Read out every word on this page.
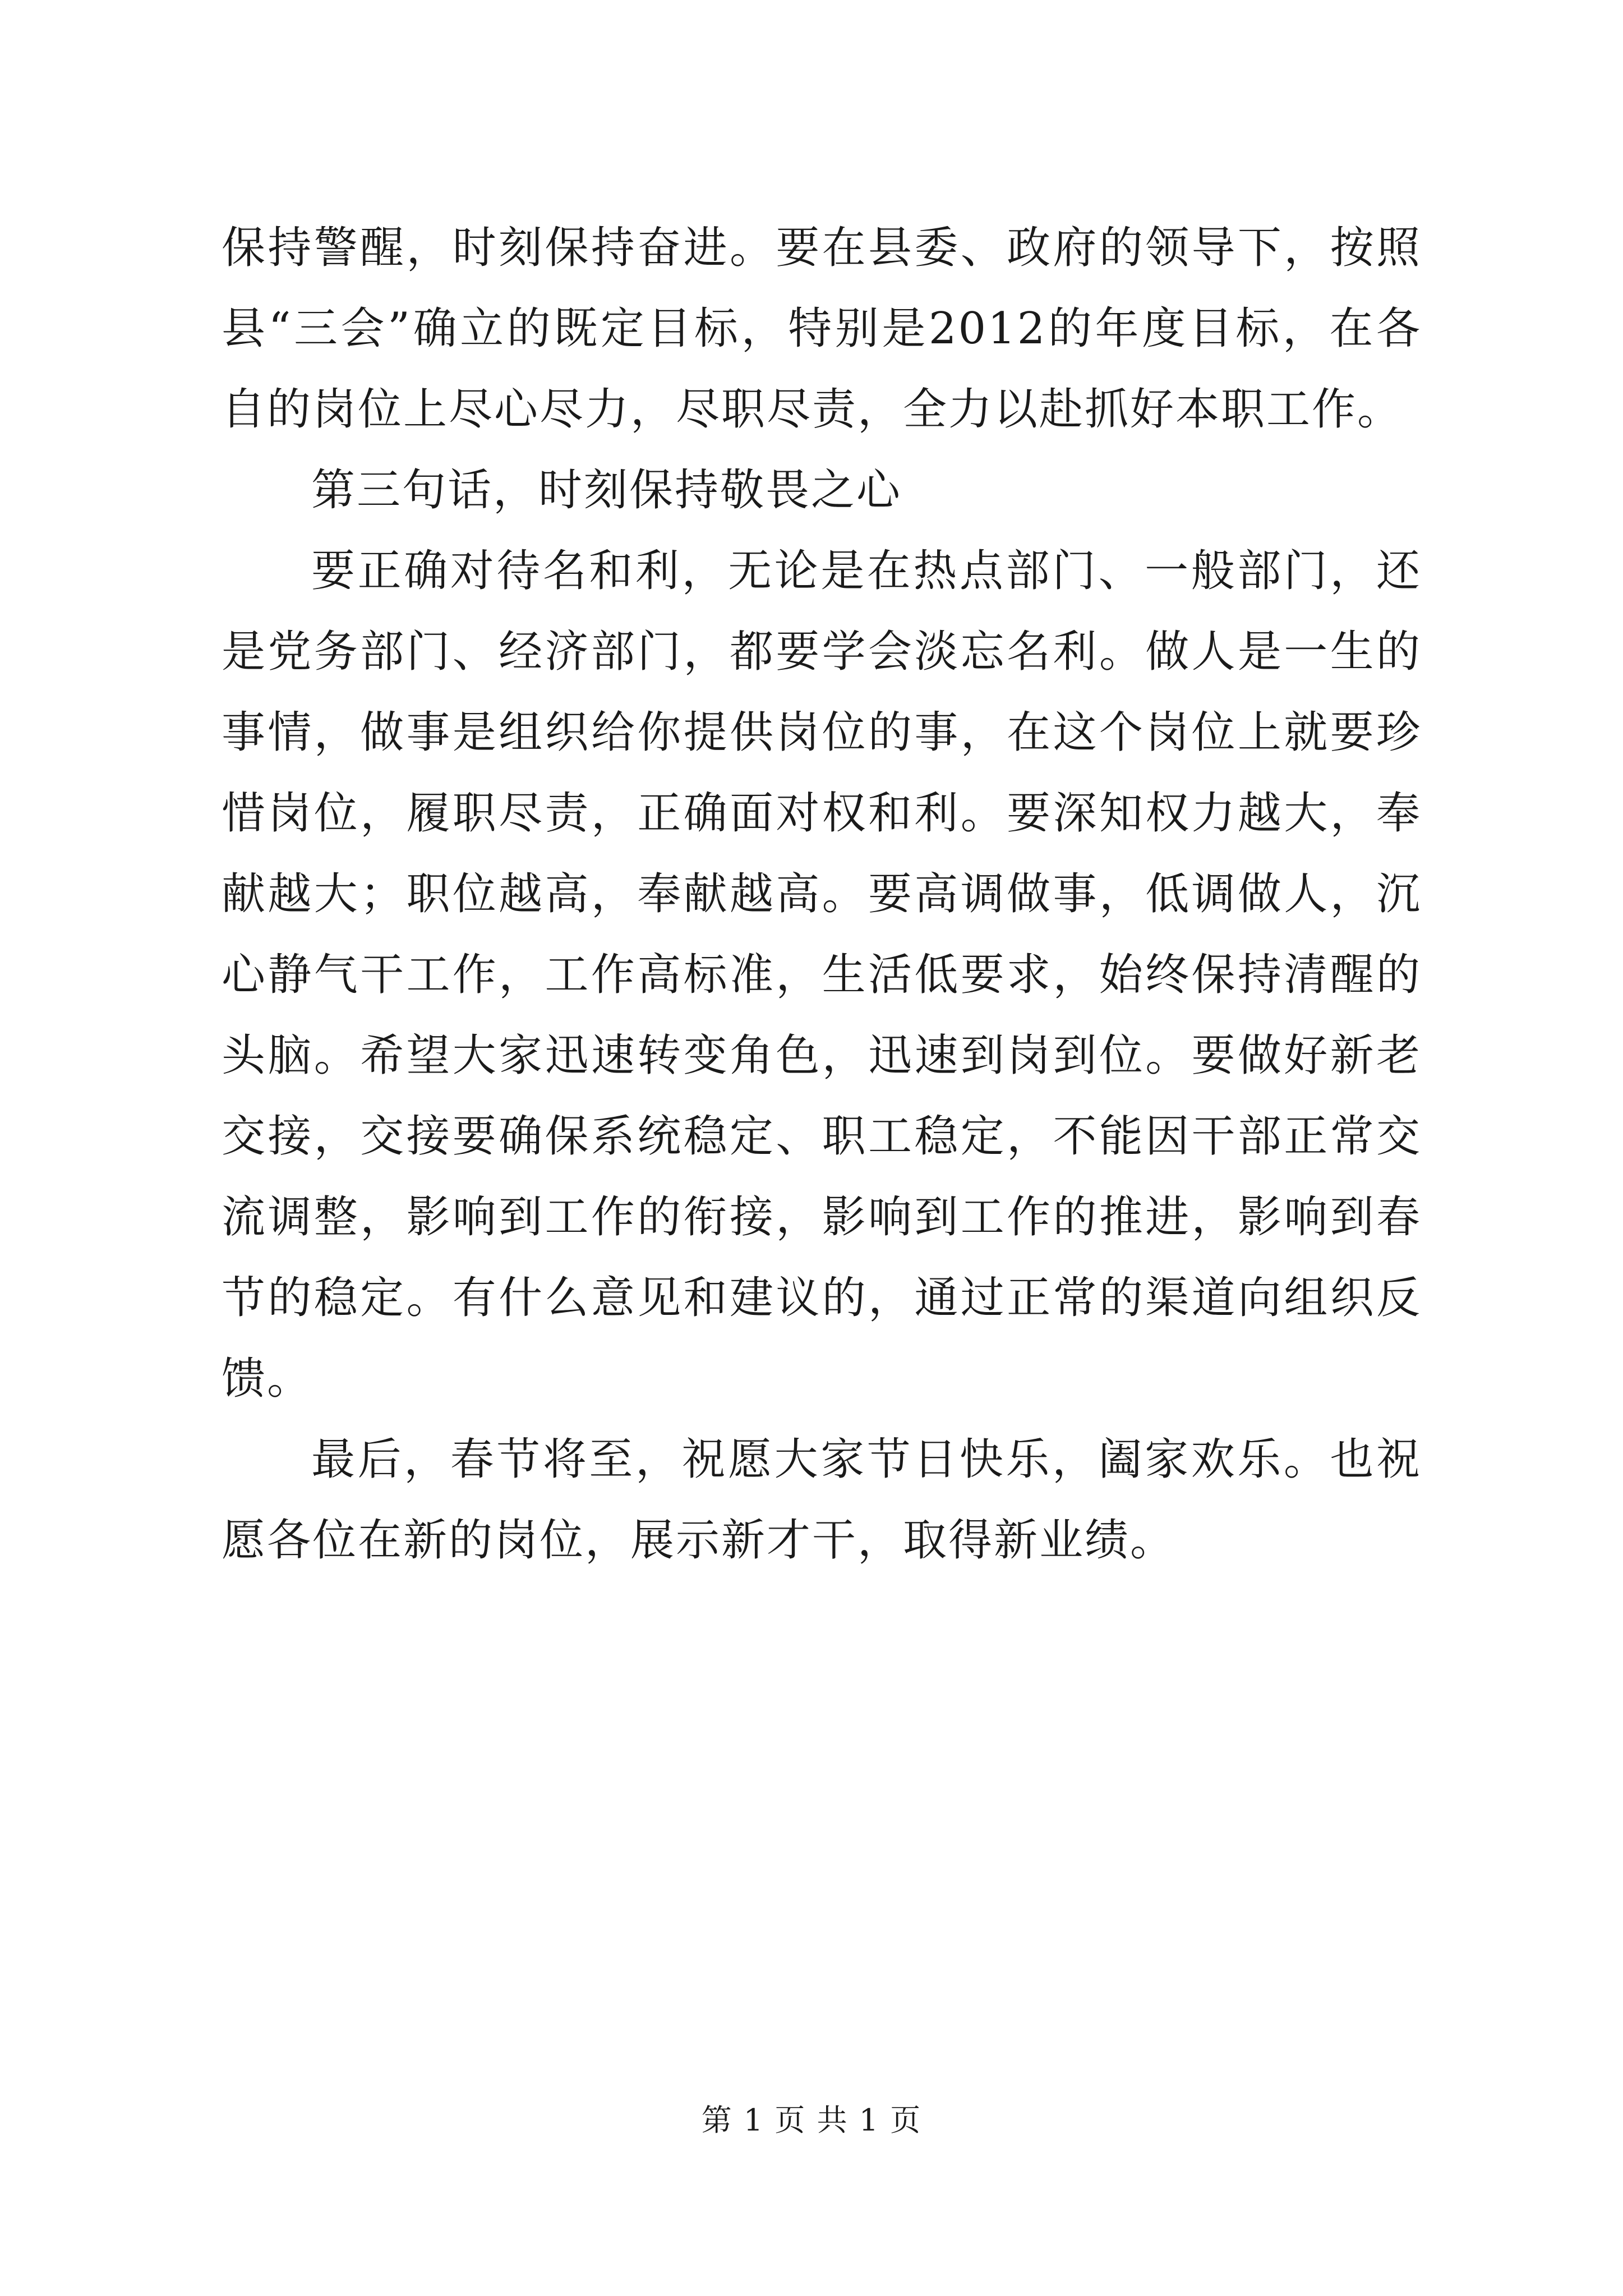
保持警醒，时刻保持奋进。要在县委、政府的领导下，按照县“三会”确立的既定目标，特别是2012的年度目标，在各自的岗位上尽心尽力，尽职尽责，全力以赴抓好本职工作。

第三句话，时刻保持敬畏之心

要正确对待名和利，无论是在热点部门、一般部门，还是党务部门、经济部门，都要学会淡忘名利。做人是一生的事情，做事是组织给你提供岗位的事，在这个岗位上就要珍惜岗位，履职尽责，正确面对权和利。要深知权力越大，奉献越大；职位越高，奉献越高。要高调做事，低调做人，沉心静气干工作，工作高标准，生活低要求，始终保持清醒的头脑。希望大家迅速转变角色，迅速到岗到位。要做好新老交接，交接要确保系统稳定、职工稳定，不能因干部正常交流调整，影响到工作的衔接，影响到工作的推进，影响到春节的稳定。有什么意见和建议的，通过正常的渠道向组织反馈。

最后，春节将至，祝愿大家节日快乐，阖家欢乐。也祝愿各位在新的岗位，展示新才干，取得新业绩。

第 1 页 共 1 页
